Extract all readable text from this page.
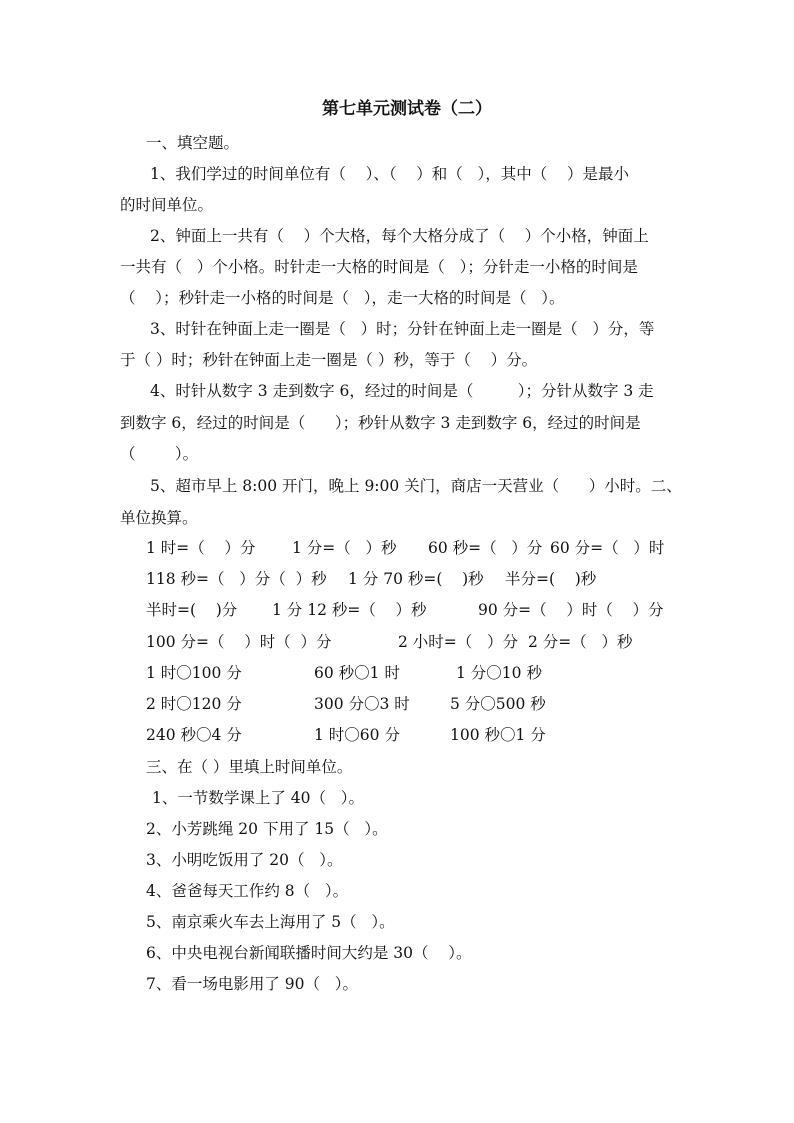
第七单元测试卷（二）
一、填空题。
1、我们学过的时间单位有（    ）、（    ）和（   ），其中（    ）是最小
的时间单位。
2、钟面上一共有（    ）个大格，每个大格分成了（    ）个小格，钟面上
一共有（   ）个小格。时针走一大格的时间是（   ）；分针走一小格的时间是
（    ）；秒针走一小格的时间是（   ），走一大格的时间是（   ）。
3、时针在钟面上走一圈是（   ）时；分针在钟面上走一圈是（   ）分，等
于（ ）时；秒针在钟面上走一圈是（ ）秒，等于（    ）分。
4、时针从数字 3 走到数字 6，经过的时间是（         ）；分针从数字 3 走
到数字 6，经过的时间是（      ）；秒针从数字 3 走到数字 6，经过的时间是
（        ）。
5、超市早上 8:00 开门，晚上 9:00 关门，商店一天营业（      ）小时。二、
单位换算。
1 时=（    ）分 1 分=（   ）秒 60 秒=（   ）分 60 分=（   ）时
118 秒=（   ）分（  ）秒 1 分 70 秒=(    )秒 半分=(    )秒
半时=(    )分 1 分 12 秒=（    ）秒	90 分=（    ）时（    ）分
100 分=（    ）时（  ）分	2 小时=（   ）分 2 分=（   ）秒
1 时〇100 分	60 秒〇1 时	1 分〇10 秒
2 时〇120 分	300 分〇3 时	5 分〇500 秒
240 秒〇4 分	1 时〇60 分	100 秒〇1 分
三、在（ ）里填上时间单位。
1、一节数学课上了 40（   ）。
2、小芳跳绳 20 下用了 15（   ）。
3、小明吃饭用了 20（   ）。
4、爸爸每天工作约 8（   ）。
5、南京乘火车去上海用了 5（   ）。
6、中央电视台新闻联播时间大约是 30（    ）。
7、看一场电影用了 90（   ）。
